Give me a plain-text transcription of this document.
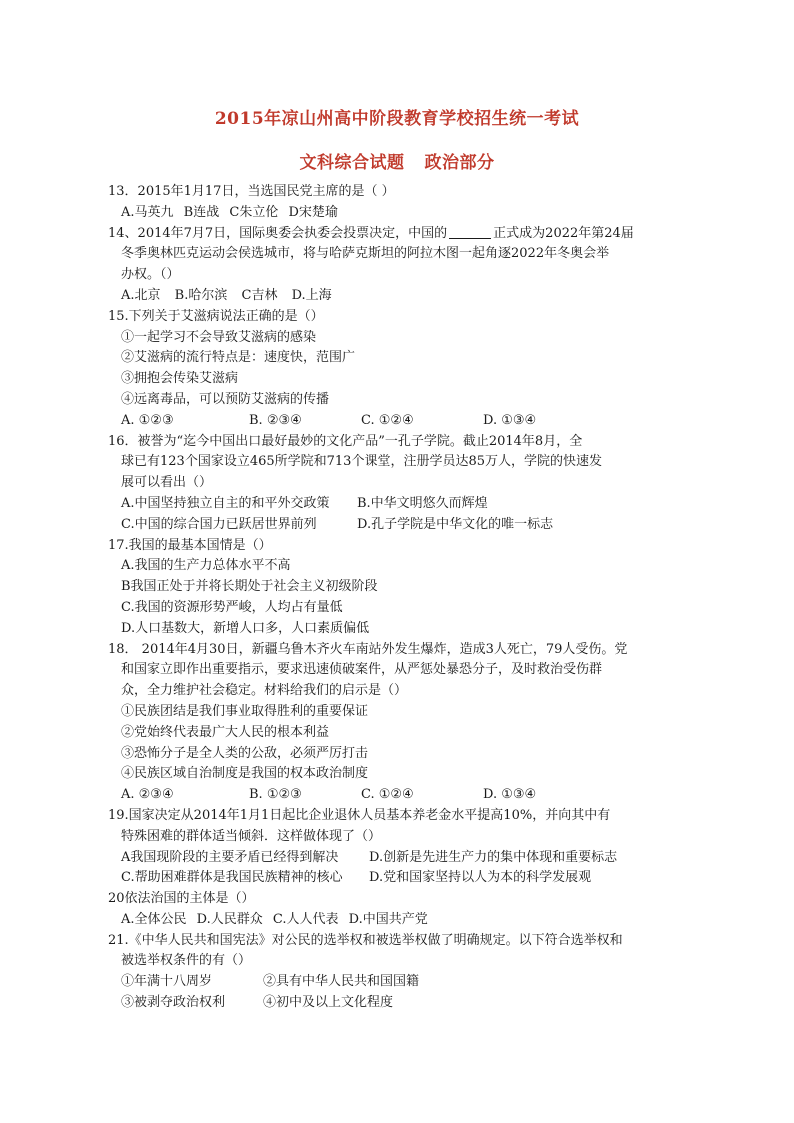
2015年凉山州高中阶段教育学校招生统一考试
文科综合试题 政治部分
13．2015年1月17日，当选国民党主席的是（ ）
A.马英九 B连战 C朱立伦 D宋楚瑜
14、2014年7月7日，国际奥委会执委会投票决定，中国的	正式成为2022年第24届
冬季奥林匹克运动会侯选城市，将与哈萨克斯坦的阿拉木图一起角逐2022年冬奥会举
办权。（）
A.北京 B.哈尔滨 C吉林 D.上海
15.下列关于艾滋病说法正确的是（）
①一起学习不会导致艾滋病的感染
②艾滋病的流行特点是：速度快，范围广
③拥抱会传染艾滋病
④远离毒品，可以预防艾滋病的传播
A. ①②③	B. ②③④	C. ①②④	D. ①③④
16．被誉为“迄今中国出口最好最妙的文化产品”一孔子学院。截止2014年8月，全
球已有123个国家设立465所学院和713个课堂，注册学员达85万人，学院的快速发
展可以看出（）
A.中国坚持独立自主的和平外交政策 B.中华文明悠久而辉煌
C.中国的综合国力已跃居世界前列	D.孔子学院是中华文化的唯一标志
17.我国的最基本国情是（）
A.我国的生产力总体水平不高
B我国正处于并将长期处于社会主义初级阶段
C.我国的资源形势严峻，人均占有量低
D.人口基数大，新增人口多，人口素质偏低
18． 2014年4月30日，新疆乌鲁木齐火车南站外发生爆炸，造成3人死亡，79人受伤。党
和国家立即作出重要指示，要求迅速侦破案件，从严惩处暴恐分子，及时救治受伤群
众，全力维护社会稳定。材料给我们的启示是（）
①民族团结是我们事业取得胜利的重要保证
②党始终代表最广大人民的根本利益
③恐怖分子是全人类的公敌，必须严厉打击
④民族区域自治制度是我国的权本政治制度
A. ②③④	B. ①②③	C. ①②④	D. ①③④
19.国家决定从2014年1月1日起比企业退休人员基本养老金水平提高10%，并向其中有
特殊困难的群体适当倾斜．这样做体现了（）
A我国现阶段的主要矛盾已经得到解决 D.创新是先进生产力的集中体现和重要标志
C.帮助困难群体是我国民族精神的核心 D.党和国家坚持以人为本的科学发展观
20依法治国的主体是（）
A.全体公民 D.人民群众 C.人人代表 D.中国共产党
21.《中华人民共和国宪法》对公民的选举权和被选举权做了明确规定。以下符合选举权和
被选举权条件的有（）
①年满十八周岁	②具有中华人民共和国国籍
③被剥夺政治权利	④初中及以上文化程度
